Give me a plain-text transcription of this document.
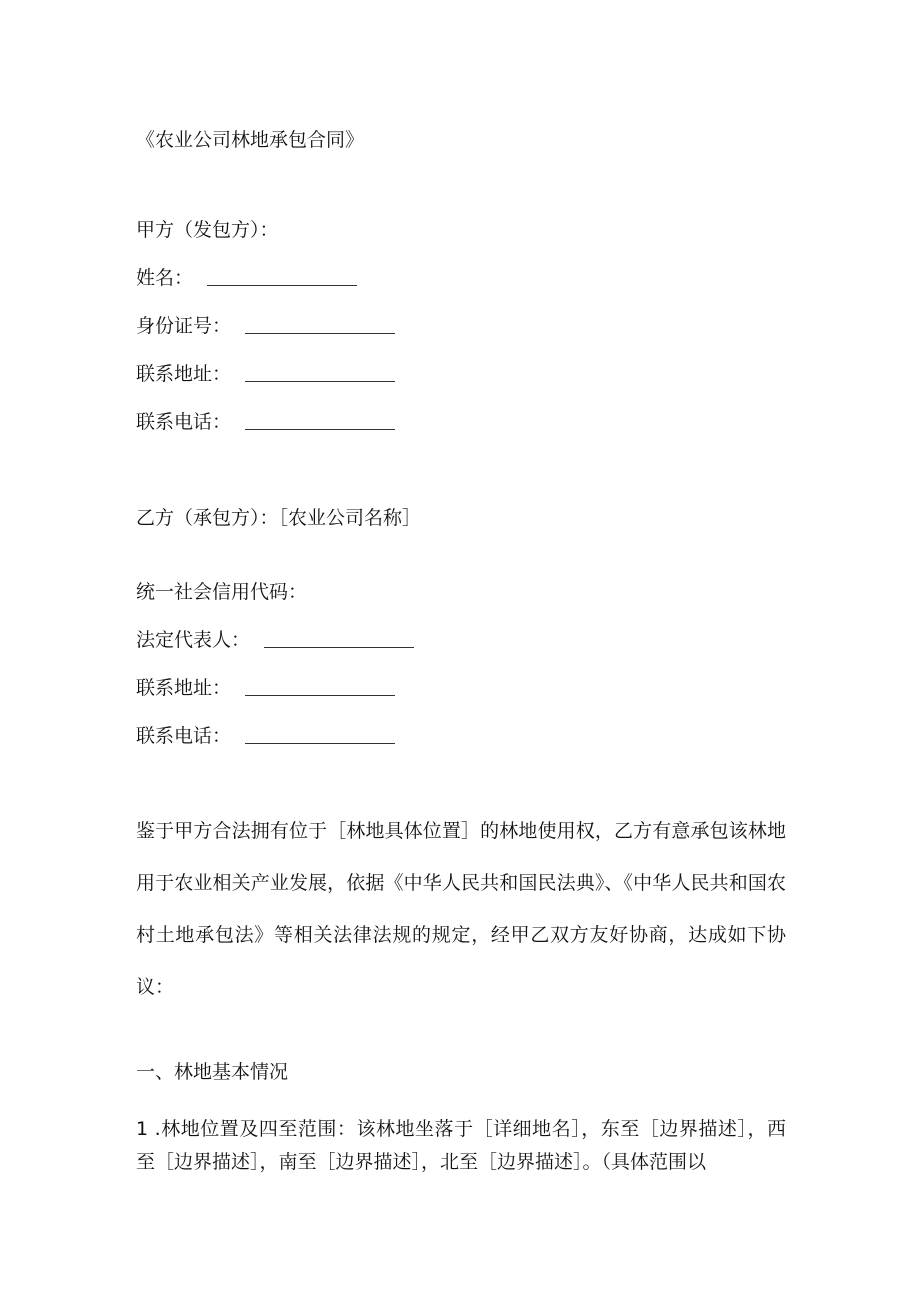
《农业公司林地承包合同》
甲方（发包方）：
姓名：
身份证号：
联系地址：
联系电话：
乙方（承包方）：［农业公司名称］
统一社会信用代码：
法定代表人：
联系地址：
联系电话：
鉴于甲方合法拥有位于［林地具体位置］的林地使用权，乙方有意承包该林地用于农业相关产业发展，依据《中华人民共和国民法典》、《中华人民共和国农村土地承包法》等相关法律法规的规定，经甲乙双方友好协商，达成如下协议：
一、林地基本情况
1 .林地位置及四至范围：该林地坐落于［详细地名］，东至［边界描述］，西至［边界描述］，南至［边界描述］，北至［边界描述］。（具体范围以
